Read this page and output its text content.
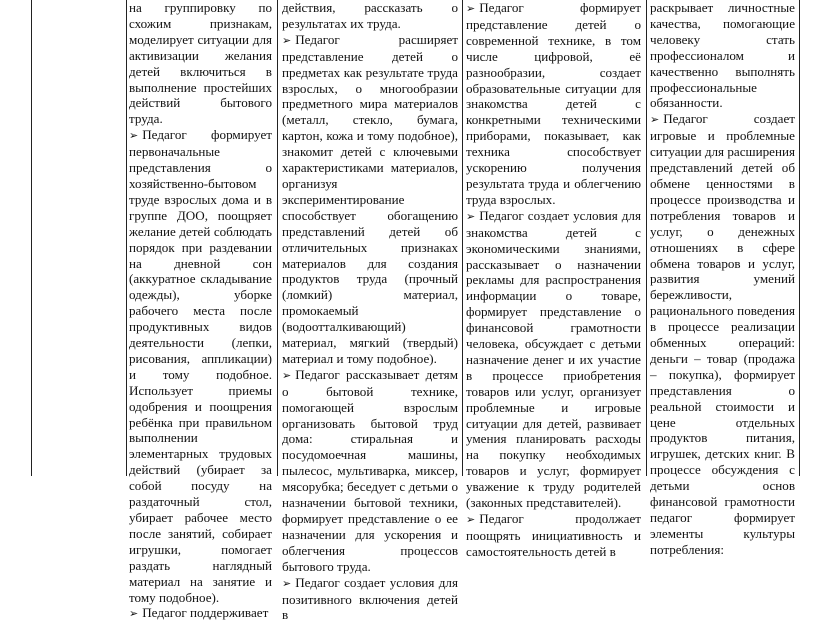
на группировку по схожим признакам, моделирует ситуации для активизации желания детей включиться в выполнение простейших действий бытового труда.

➢ Педагог формирует первоначальные представления о хозяйственно-бытовом труде взрослых дома и в группе ДОО, поощряет желание детей соблюдать порядок при раздевании на дневной сон (аккуратное складывание одежды), уборке рабочего места после продуктивных видов деятельности (лепки, рисования, аппликации) и тому подобное. Использует приемы одобрения и поощрения ребёнка при правильном выполнении элементарных трудовых действий (убирает за собой посуду на раздаточный стол, убирает рабочее место после занятий, собирает игрушки, помогает раздать наглядный материал на занятие и тому подобное).

➢ Педагог поддерживает

действия, рассказать о результатах их труда.

➢ Педагог расширяет представление детей о предметах как результате труда взрослых, о многообразии предметного мира материалов (металл, стекло, бумага, картон, кожа и тому подобное), знакомит детей с ключевыми характеристиками материалов, организуя экспериментирование способствует обогащению представлений детей об отличительных признаках материалов для создания продуктов труда (прочный (ломкий) материал, промокаемый (водоотталкивающий) материал, мягкий (твердый) материал и тому подобное).

➢ Педагог рассказывает детям о бытовой технике, помогающей взрослым организовать бытовой труд дома: стиральная и посудомоечная машины, пылесос, мультиварка, миксер, мясорубка; беседует с детьми о назначении бытовой техники, формирует представление о ее назначении для ускорения и облегчения процессов бытового труда.

➢ Педагог создает условия для позитивного включения детей в

➢ Педагог формирует представление детей о современной технике, в том числе цифровой, её разнообразии, создает образовательные ситуации для знакомства детей с конкретными техническими приборами, показывает, как техника способствует ускорению получения результата труда и облегчению труда взрослых.

➢ Педагог создает условия для знакомства детей с экономическими знаниями, рассказывает о назначении рекламы для распространения информации о товаре, формирует представление о финансовой грамотности человека, обсуждает с детьми назначение денег и их участие в процессе приобретения товаров или услуг, организует проблемные и игровые ситуации для детей, развивает умения планировать расходы на покупку необходимых товаров и услуг, формирует уважение к труду родителей (законных представителей).

➢ Педагог продолжает поощрять инициативность и самостоятельность детей в

раскрывает личностные качества, помогающие человеку стать профессионалом и качественно выполнять профессиональные обязанности.

➢ Педагог создает игровые и проблемные ситуации для расширения представлений детей об обмене ценностями в процессе производства и потребления товаров и услуг, о денежных отношениях в сфере обмена товаров и услуг, развития умений бережливости, рационального поведения в процессе реализации обменных операций: деньги – товар (продажа – покупка), формирует представления о реальной стоимости и цене отдельных продуктов питания, игрушек, детских книг. В процессе обсуждения с детьми основ финансовой грамотности педагог формирует элементы культуры потребления:
